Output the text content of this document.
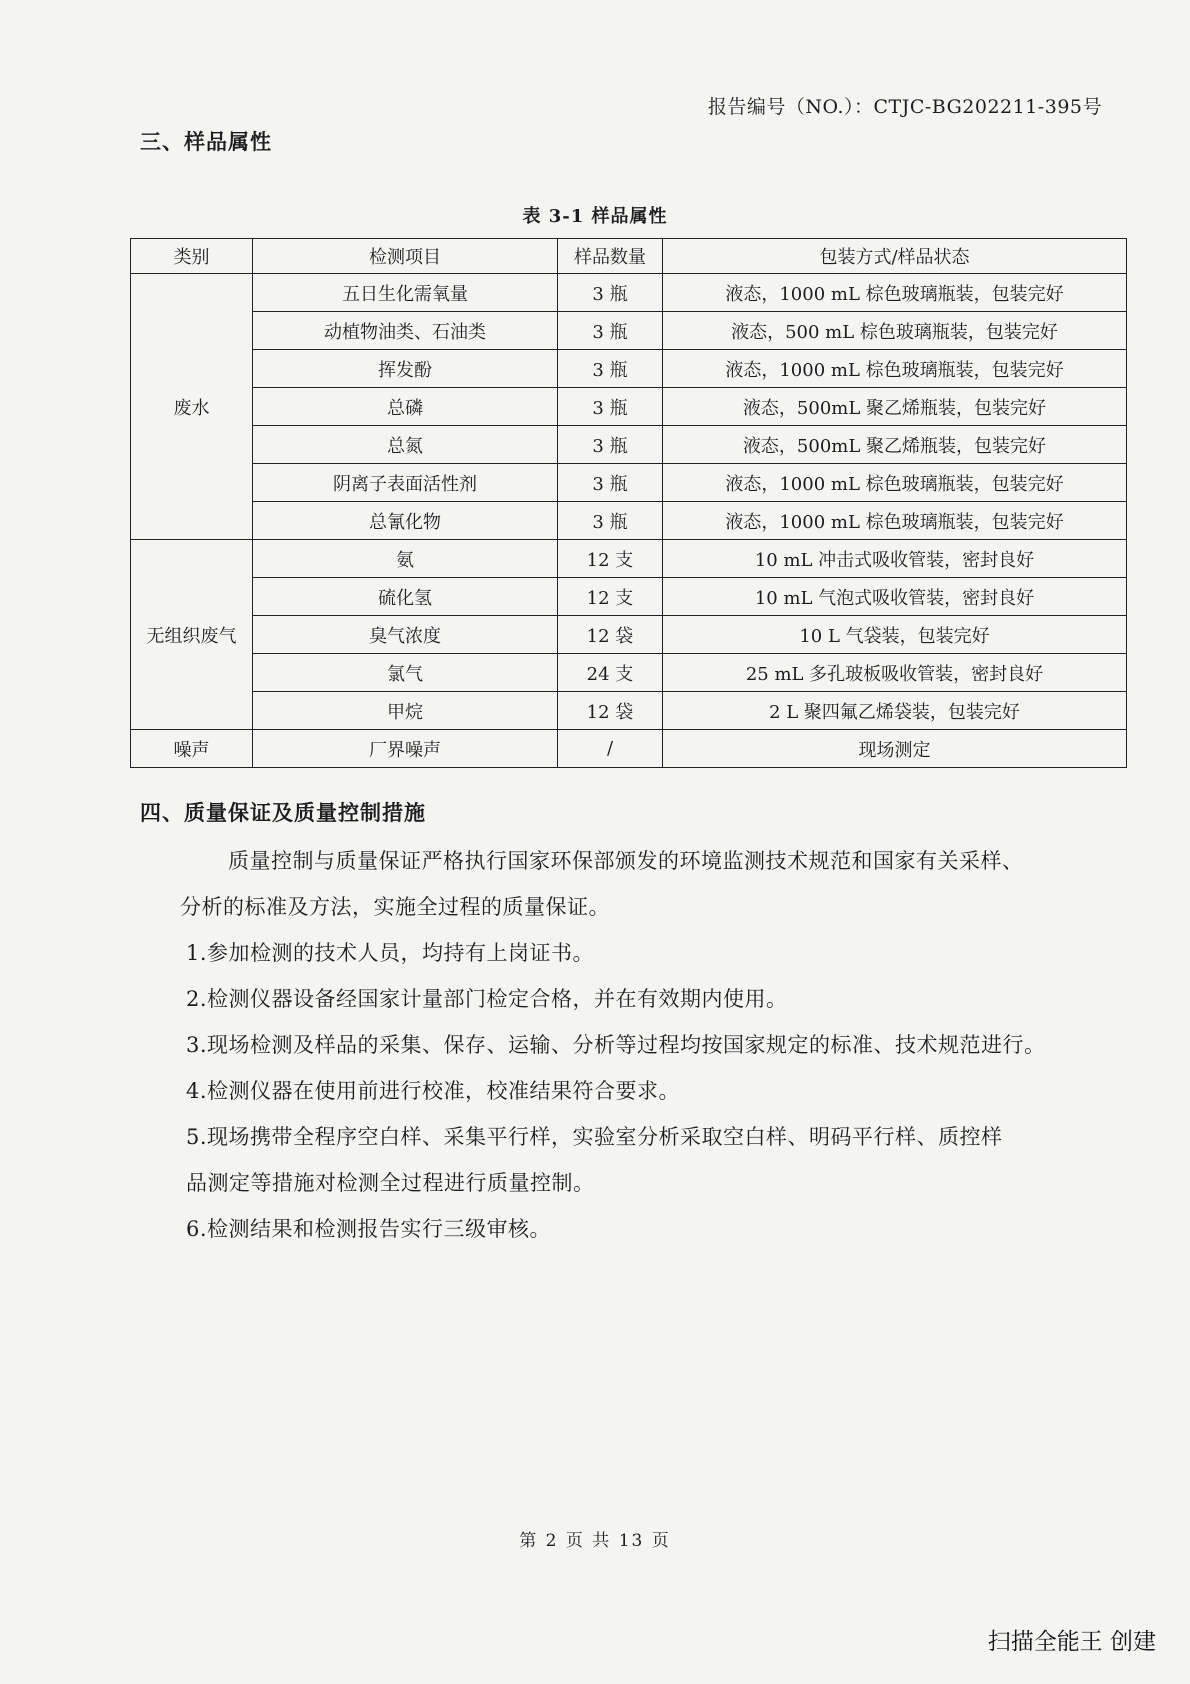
报告编号（NO.）：CTJC-BG202211-395号
三、样品属性
表 3-1 样品属性
类别	检测项目	样品数量	包装方式/样品状态
废水	五日生化需氧量	3 瓶	液态，1000 mL 棕色玻璃瓶装，包装完好
	动植物油类、石油类	3 瓶	液态，500 mL 棕色玻璃瓶装，包装完好
	挥发酚	3 瓶	液态，1000 mL 棕色玻璃瓶装，包装完好
	总磷	3 瓶	液态，500mL 聚乙烯瓶装，包装完好
	总氮	3 瓶	液态，500mL 聚乙烯瓶装，包装完好
	阴离子表面活性剂	3 瓶	液态，1000 mL 棕色玻璃瓶装，包装完好
	总氰化物	3 瓶	液态，1000 mL 棕色玻璃瓶装，包装完好
无组织废气	氨	12 支	10 mL 冲击式吸收管装，密封良好
	硫化氢	12 支	10 mL 气泡式吸收管装，密封良好
	臭气浓度	12 袋	10 L 气袋装，包装完好
	氯气	24 支	25 mL 多孔玻板吸收管装，密封良好
	甲烷	12 袋	2 L 聚四氟乙烯袋装，包装完好
噪声	厂界噪声	/	现场测定
四、质量保证及质量控制措施
质量控制与质量保证严格执行国家环保部颁发的环境监测技术规范和国家有关采样、
分析的标准及方法，实施全过程的质量保证。
1.参加检测的技术人员，均持有上岗证书。
2.检测仪器设备经国家计量部门检定合格，并在有效期内使用。
3.现场检测及样品的采集、保存、运输、分析等过程均按国家规定的标准、技术规范进行。
4.检测仪器在使用前进行校准，校准结果符合要求。
5.现场携带全程序空白样、采集平行样，实验室分析采取空白样、明码平行样、质控样
品测定等措施对检测全过程进行质量控制。
6.检测结果和检测报告实行三级审核。
第 2 页 共 13 页
扫描全能王 创建
